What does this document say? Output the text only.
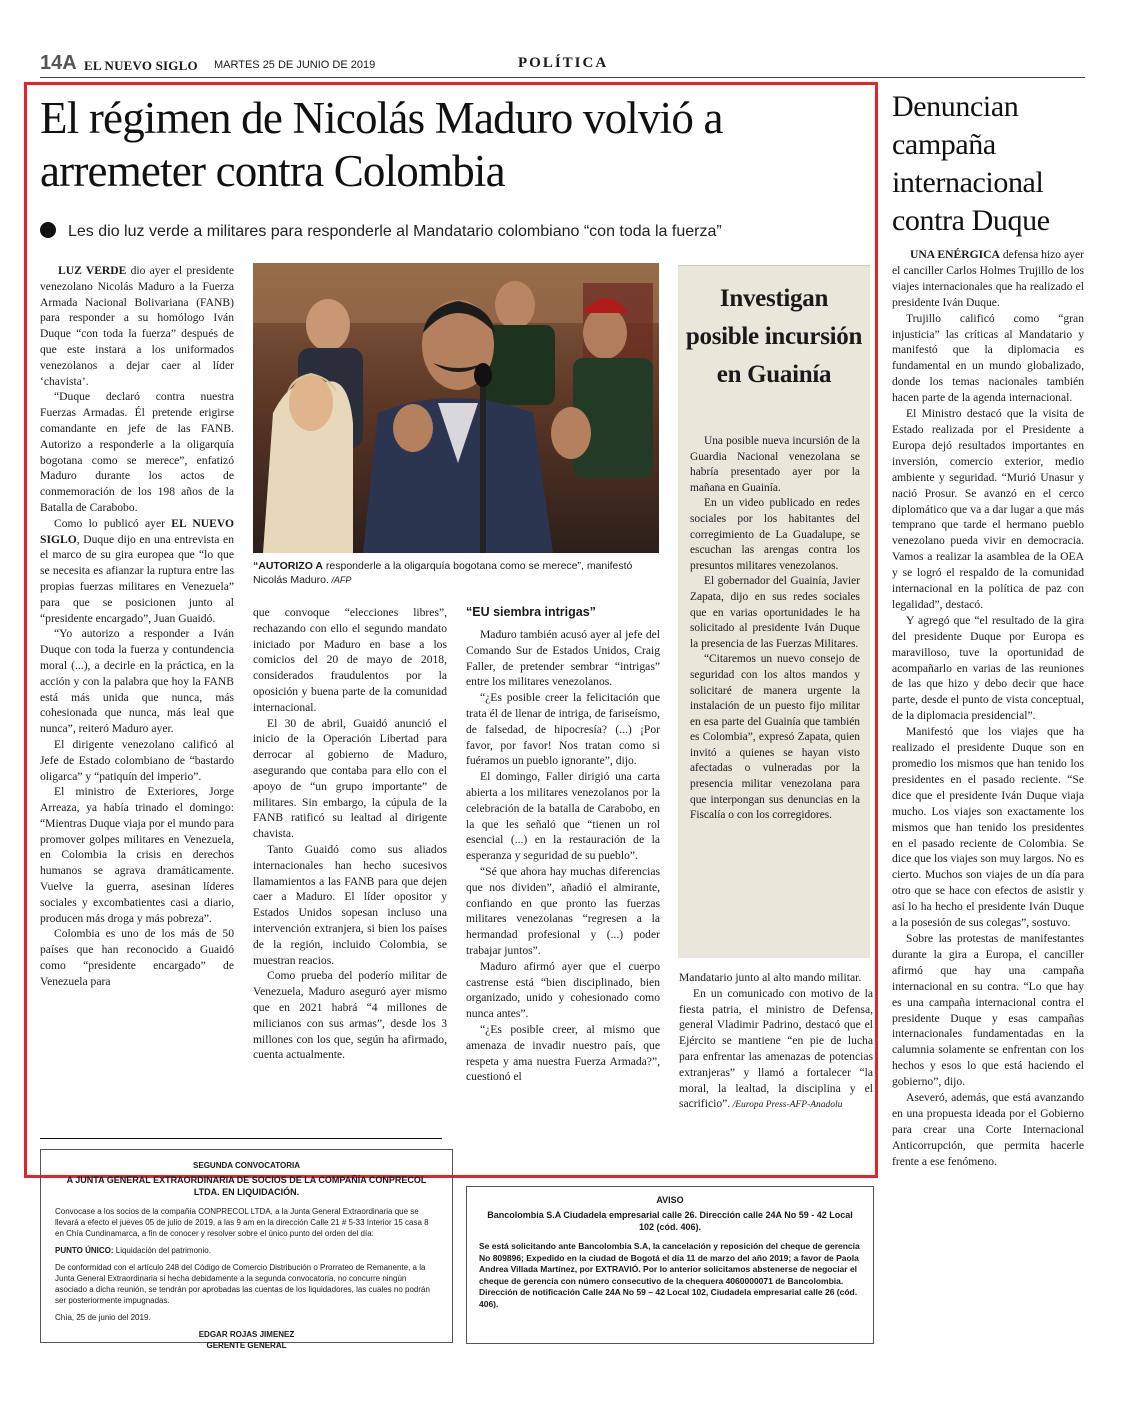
14A EL NUEVO SIGLO MARTES 25 DE JUNIO DE 2019	POLÍTICA
El régimen de Nicolás Maduro volvió a arremeter contra Colombia
Les dio luz verde a militares para responderle al Mandatario colombiano “con toda la fuerza”

LUZ VERDE dio ayer el presidente venezolano Nicolás Maduro a la Fuerza Armada Nacional Bolivariana (FANB) para responder a su homólogo Iván Duque “con toda la fuerza” después de que este instara a los uniformados venezolanos a dejar caer al líder ‘chavista’.

“Duque declaró contra nuestra Fuerzas Armadas. Él pretende erigirse comandante en jefe de las FANB. Autorizo a responderle a la oligarquía bogotana como se merece”, enfatizó Maduro durante los actos de conmemoración de los 198 años de la Batalla de Carabobo.

Como lo publicó ayer EL NUEVO SIGLO, Duque dijo en una entrevista en el marco de su gira europea que “lo que se necesita es afianzar la ruptura entre las propias fuerzas militares en Venezuela” para que se posicionen junto al “presidente encargado”, Juan Guaidó.

“Yo autorizo a responder a Iván Duque con toda la fuerza y contundencia moral (...), a decirle en la práctica, en la acción y con la palabra que hoy la FANB está más unida que nunca, más cohesionada que nunca, más leal que nunca”, reiteró Maduro ayer.

El dirigente venezolano calificó al Jefe de Estado colombiano de “bastardo oligarca” y “patiquín del imperio”.

El ministro de Exteriores, Jorge Arreaza, ya había trinado el domingo: “Mientras Duque viaja por el mundo para promover golpes militares en Venezuela, en Colombia la crisis en derechos humanos se agrava dramáticamente. Vuelve la guerra, asesinan líderes sociales y excombatientes casi a diario, producen más droga y más pobreza”.

Colombia es uno de los más de 50 países que han reconocido a Guaidó como “presidente encargado” de Venezuela para

“AUTORIZO A responderle a la oligarquía bogotana como se merece”, manifestó Nicolás Maduro. /AFP

que convoque “elecciones libres”, rechazando con ello el segundo mandato iniciado por Maduro en base a los comicios del 20 de mayo de 2018, considerados fraudulentos por la oposición y buena parte de la comunidad internacional.

El 30 de abril, Guaidó anunció el inicio de la Operación Libertad para derrocar al gobierno de Maduro, asegurando que contaba para ello con el apoyo de “un grupo importante” de militares. Sin embargo, la cúpula de la FANB ratificó su lealtad al dirigente chavista.

Tanto Guaidó como sus aliados internacionales han hecho sucesivos llamamientos a las FANB para que dejen caer a Maduro. El líder opositor y Estados Unidos sopesan incluso una intervención extranjera, si bien los países de la región, incluido Colombia, se muestran reacios.

Como prueba del poderío militar de Venezuela, Maduro aseguró ayer mismo que en 2021 habrá “4 millones de milicianos con sus armas”, desde los 3 millones con los que, según ha afirmado, cuenta actualmente.

“EU siembra intrigas”

Maduro también acusó ayer al jefe del Comando Sur de Estados Unidos, Craig Faller, de pretender sembrar “intrigas” entre los militares venezolanos.

“¿Es posible creer la felicitación que trata él de llenar de intriga, de fariseísmo, de falsedad, de hipocresía? (...) ¡Por favor, por favor! Nos tratan como si fuéramos un pueblo ignorante”, dijo.

El domingo, Faller dirigió una carta abierta a los militares venezolanos por la celebración de la batalla de Carabobo, en la que les señaló que “tienen un rol esencial (...) en la restauración de la esperanza y seguridad de su pueblo”.

“Sé que ahora hay muchas diferencias que nos dividen”, añadió el almirante, confiando en que pronto las fuerzas militares venezolanas “regresen a la hermandad profesional y (...) poder trabajar juntos”.

Maduro afirmó ayer que el cuerpo castrense está “bien disciplinado, bien organizado, unido y cohesionado como nunca antes”.

“¿Es posible creer, al mismo que amenaza de invadir nuestro país, que respeta y ama nuestra Fuerza Armada?”, cuestionó el

Investigan posible incursión en Guainía

Una posible nueva incursión de la Guardia Nacional venezolana se habría presentado ayer por la mañana en Guainía.

En un video publicado en redes sociales por los habitantes del corregimiento de La Guadalupe, se escuchan las arengas contra los presuntos militares venezolanos.

El gobernador del Guainía, Javier Zapata, dijo en sus redes sociales que en varias oportunidades le ha solicitado al presidente Iván Duque la presencia de las Fuerzas Militares.

“Citaremos un nuevo consejo de seguridad con los altos mandos y solicitaré de manera urgente la instalación de un puesto fijo militar en esa parte del Guainía que también es Colombia”, expresó Zapata, quien invitó a quienes se hayan visto afectadas o vulneradas por la presencia militar venezolana para que interpongan sus denuncias en la Fiscalía o con los corregidores.

Mandatario junto al alto mando militar.

En un comunicado con motivo de la fiesta patria, el ministro de Defensa, general Vladimir Padrino, destacó que el Ejército se mantiene “en pie de lucha para enfrentar las amenazas de potencias extranjeras” y llamó a fortalecer “la moral, la lealtad, la disciplina y el sacrificio”. /Europa Press-AFP-Anadolu

Denuncian campaña internacional contra Duque

UNA ENÉRGICA defensa hizo ayer el canciller Carlos Holmes Trujillo de los viajes internacionales que ha realizado el presidente Iván Duque.

Trujillo calificó como “gran injusticia” las críticas al Mandatario y manifestó que la diplomacia es fundamental en un mundo globalizado, donde los temas nacionales también hacen parte de la agenda internacional.

El Ministro destacó que la visita de Estado realizada por el Presidente a Europa dejó resultados importantes en inversión, comercio exterior, medio ambiente y seguridad. “Murió Unasur y nació Prosur. Se avanzó en el cerco diplomático que va a dar lugar a que más temprano que tarde el hermano pueblo venezolano pueda vivir en democracia. Vamos a realizar la asamblea de la OEA y se logró el respaldo de la comunidad internacional en la política de paz con legalidad”, destacó.

Y agregó que “el resultado de la gira del presidente Duque por Europa es maravilloso, tuve la oportunidad de acompañarlo en varias de las reuniones de las que hizo y debo decir que hace parte, desde el punto de vista conceptual, de la diplomacia presidencial”.

Manifestó que los viajes que ha realizado el presidente Duque son en promedio los mismos que han tenido los presidentes en el pasado reciente. “Se dice que el presidente Iván Duque viaja mucho. Los viajes son exactamente los mismos que han tenido los presidentes en el pasado reciente de Colombia. Se dice que los viajes son muy largos. No es cierto. Muchos son viajes de un día para otro que se hace con efectos de asistir y así lo ha hecho el presidente Iván Duque a la posesión de sus colegas”, sostuvo.

Sobre las protestas de manifestantes durante la gira a Europa, el canciller afirmó que hay una campaña internacional en su contra. “Lo que hay es una campaña internacional contra el presidente Duque y esas campañas internacionales fundamentadas en la calumnia solamente se enfrentan con los hechos y esos lo que está haciendo el gobierno”, dijo.

Aseveró, además, que está avanzando en una propuesta ideada por el Gobierno para crear una Corte Internacional Anticorrupción, que permita hacerle frente a ese fenómeno.

SEGUNDA CONVOCATORIA
A JUNTA GENERAL EXTRAORDINARIA DE SOCIOS DE LA COMPAÑÍA CONPRECOL LTDA. EN LIQUIDACIÓN.

Convocase a los socios de la compañía CONPRECOL LTDA, a la Junta General Extraordinaria que se llevará a efecto el jueves 05 de julio de 2019, a las 9 am en la dirección Calle 21 # 5-33 Interior 15 casa 8 en Chía Cundinamarca, a fin de conocer y resolver sobre el único punto del orden del día:

PUNTO ÚNICO: Liquidación del patrimonio.

De conformidad con el artículo 248 del Código de Comercio Distribución o Prorrateo de Remanente, a la Junta General Extraordinaria si hecha debidamente a la segunda convocatoria, no concurre ningún asociado a dicha reunión, se tendrán por aprobadas las cuentas de los liquidadores, las cuales no podrán ser posteriormente impugnadas.

Chía, 25 de junio del 2019.

EDGAR ROJAS JIMENEZ
GERENTE GENERAL
AVISO
Bancolombia S.A Ciudadela empresarial calle 26. Dirección calle 24A No 59 - 42 Local 102 (cód. 406).

Se está solicitando ante Bancolombia S.A, la cancelación y reposición del cheque de gerencia No 809896; Expedido en la ciudad de Bogotá el día 11 de marzo del año 2019; a favor de Paola Andrea Villada Martínez, por EXTRAVIÓ. Por lo anterior solicitamos abstenerse de negociar el cheque de gerencia con número consecutivo de la chequera 4060000071 de Bancolombia. Dirección de notificación Calle 24A No 59 – 42 Local 102, Ciudadela empresarial calle 26 (cód. 406).
